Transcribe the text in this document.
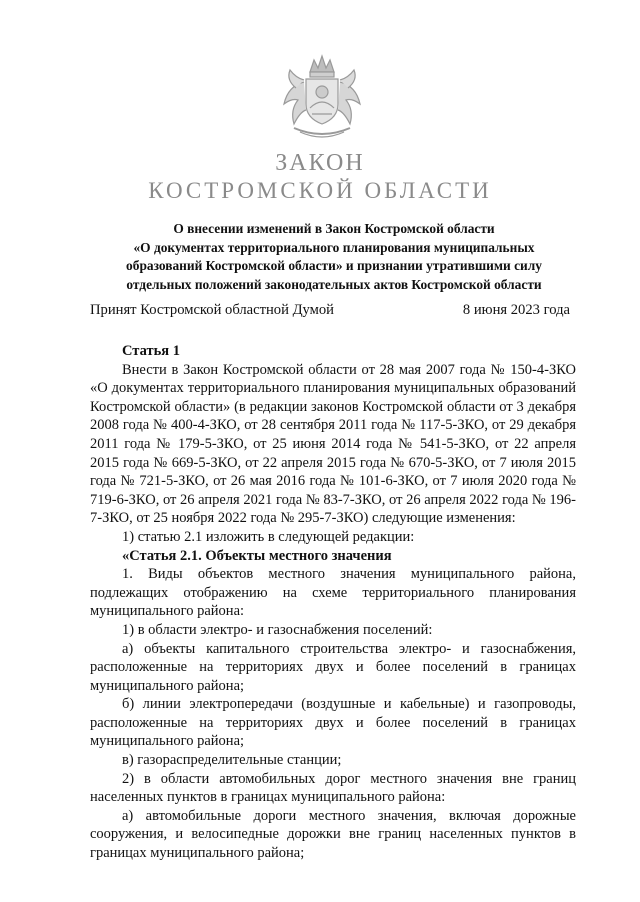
ЗАКОН
КОСТРОМСКОЙ ОБЛАСТИ
О внесении изменений в Закон Костромской области
«О документах территориального планирования муниципальных
образований Костромской области» и признании утратившими силу
отдельных положений законодательных актов Костромской области
Принят Костромской областной Думой	8 июня 2023 года

Статья 1

Внести в Закон Костромской области от 28 мая 2007 года № 150-4-ЗКО «О документах территориального планирования муниципальных образований Костромской области» (в редакции законов Костромской области от 3 декабря 2008 года № 400-4-ЗКО, от 28 сентября 2011 года № 117-5-ЗКО, от 29 декабря 2011 года № 179-5-ЗКО, от 25 июня 2014 года № 541-5-ЗКО, от 22 апреля 2015 года № 669-5-ЗКО, от 22 апреля 2015 года № 670-5-ЗКО, от 7 июля 2015 года № 721-5-ЗКО, от 26 мая 2016 года № 101-6-ЗКО, от 7 июля 2020 года № 719-6-ЗКО, от 26 апреля 2021 года № 83-7-ЗКО, от 26 апреля 2022 года № 196-7-ЗКО, от 25 ноября 2022 года № 295-7-ЗКО) следующие изменения:

1) статью 2.1 изложить в следующей редакции:

«Статья 2.1. Объекты местного значения

1. Виды объектов местного значения муниципального района, подлежащих отображению на схеме территориального планирования муниципального района:

1) в области электро- и газоснабжения поселений:

а) объекты капитального строительства электро- и газоснабжения, расположенные на территориях двух и более поселений в границах муниципального района;

б) линии электропередачи (воздушные и кабельные) и газопроводы, расположенные на территориях двух и более поселений в границах муниципального района;

в) газораспределительные станции;

2) в области автомобильных дорог местного значения вне границ населенных пунктов в границах муниципального района:

а) автомобильные дороги местного значения, включая дорожные сооружения, и велосипедные дорожки вне границ населенных пунктов в границах муниципального района;
